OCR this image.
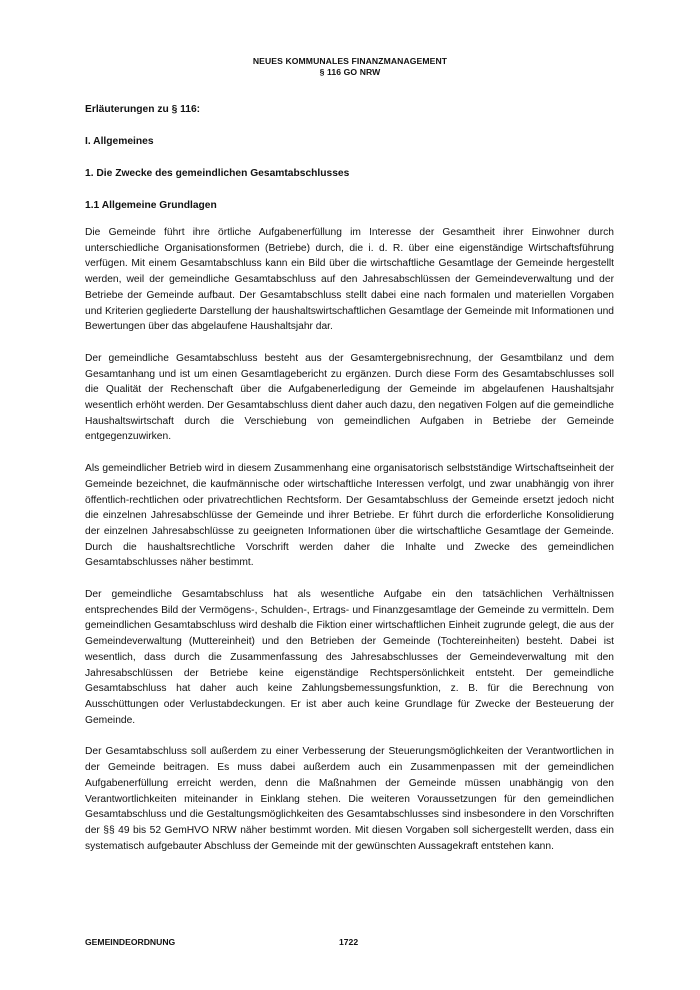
NEUES KOMMUNALES FINANZMANAGEMENT
§ 116 GO NRW

Erläuterungen zu § 116:

I. Allgemeines

1. Die Zwecke des gemeindlichen Gesamtabschlusses

1.1 Allgemeine Grundlagen

Die Gemeinde führt ihre örtliche Aufgabenerfüllung im Interesse der Gesamtheit ihrer Einwohner durch unterschiedliche Organisationsformen (Betriebe) durch, die i. d. R. über eine eigenständige Wirtschaftsführung verfügen. Mit einem Gesamtabschluss kann ein Bild über die wirtschaftliche Gesamtlage der Gemeinde hergestellt werden, weil der gemeindliche Gesamtabschluss auf den Jahresabschlüssen der Gemeindeverwaltung und der Betriebe der Gemeinde aufbaut. Der Gesamtabschluss stellt dabei eine nach formalen und materiellen Vorgaben und Kriterien gegliederte Darstellung der haushaltswirtschaftlichen Gesamtlage der Gemeinde mit Informationen und Bewertungen über das abgelaufene Haushaltsjahr dar.

Der gemeindliche Gesamtabschluss besteht aus der Gesamtergebnisrechnung, der Gesamtbilanz und dem Gesamtanhang und ist um einen Gesamtlagebericht zu ergänzen. Durch diese Form des Gesamtabschlusses soll die Qualität der Rechenschaft über die Aufgabenerledigung der Gemeinde im abgelaufenen Haushaltsjahr wesentlich erhöht werden. Der Gesamtabschluss dient daher auch dazu, den negativen Folgen auf die gemeindliche Haushaltswirtschaft durch die Verschiebung von gemeindlichen Aufgaben in Betriebe der Gemeinde entgegenzuwirken.

Als gemeindlicher Betrieb wird in diesem Zusammenhang eine organisatorisch selbstständige Wirtschaftseinheit der Gemeinde bezeichnet, die kaufmännische oder wirtschaftliche Interessen verfolgt, und zwar unabhängig von ihrer öffentlich-rechtlichen oder privatrechtlichen Rechtsform. Der Gesamtabschluss der Gemeinde ersetzt jedoch nicht die einzelnen Jahresabschlüsse der Gemeinde und ihrer Betriebe. Er führt durch die erforderliche Konsolidierung der einzelnen Jahresabschlüsse zu geeigneten Informationen über die wirtschaftliche Gesamtlage der Gemeinde. Durch die haushaltsrechtliche Vorschrift werden daher die Inhalte und Zwecke des gemeindlichen Gesamtabschlusses näher bestimmt.

Der gemeindliche Gesamtabschluss hat als wesentliche Aufgabe ein den tatsächlichen Verhältnissen entsprechendes Bild der Vermögens-, Schulden-, Ertrags- und Finanzgesamtlage der Gemeinde zu vermitteln. Dem gemeindlichen Gesamtabschluss wird deshalb die Fiktion einer wirtschaftlichen Einheit zugrunde gelegt, die aus der Gemeindeverwaltung (Muttereinheit) und den Betrieben der Gemeinde (Tochtereinheiten) besteht. Dabei ist wesentlich, dass durch die Zusammenfassung des Jahresabschlusses der Gemeindeverwaltung mit den Jahresabschlüssen der Betriebe keine eigenständige Rechtspersönlichkeit entsteht. Der gemeindliche Gesamtabschluss hat daher auch keine Zahlungsbemessungsfunktion, z. B. für die Berechnung von Ausschüttungen oder Verlustabdeckungen. Er ist aber auch keine Grundlage für Zwecke der Besteuerung der Gemeinde.

Der Gesamtabschluss soll außerdem zu einer Verbesserung der Steuerungsmöglichkeiten der Verantwortlichen in der Gemeinde beitragen. Es muss dabei außerdem auch ein Zusammenpassen mit der gemeindlichen Aufgabenerfüllung erreicht werden, denn die Maßnahmen der Gemeinde müssen unabhängig von den Verantwortlichkeiten miteinander in Einklang stehen. Die weiteren Voraussetzungen für den gemeindlichen Gesamtabschluss und die Gestaltungsmöglichkeiten des Gesamtabschlusses sind insbesondere in den Vorschriften der §§ 49 bis 52 GemHVO NRW näher bestimmt worden. Mit diesen Vorgaben soll sichergestellt werden, dass ein systematisch aufgebauter Abschluss der Gemeinde mit der gewünschten Aussagekraft entstehen kann.

GEMEINDEORDNUNG	1722
